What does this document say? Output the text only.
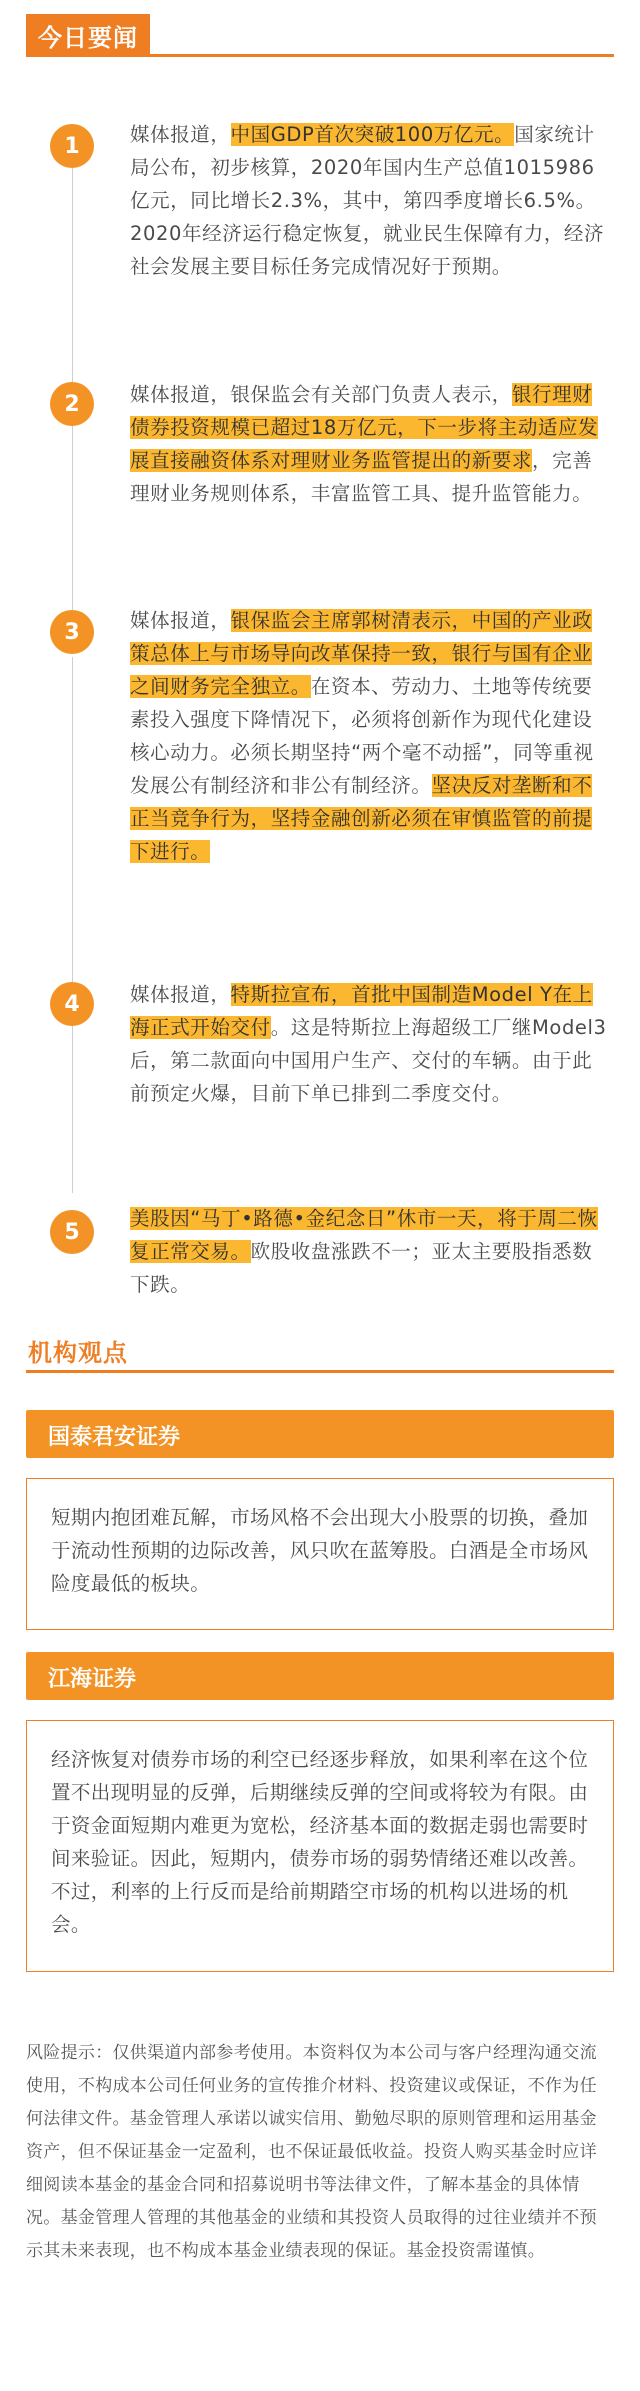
今日要闻
1	媒体报道，中国GDP首次突破100万亿元。国家统计局公布，初步核算，2020年国内生产总值1015986亿元，同比增长2.3%，其中，第四季度增长6.5%。2020年经济运行稳定恢复，就业民生保障有力，经济社会发展主要目标任务完成情况好于预期。
2	媒体报道，银保监会有关部门负责人表示，银行理财债券投资规模已超过18万亿元，下一步将主动适应发展直接融资体系对理财业务监管提出的新要求，完善理财业务规则体系，丰富监管工具、提升监管能力。
3	媒体报道，银保监会主席郭树清表示，中国的产业政策总体上与市场导向改革保持一致，银行与国有企业之间财务完全独立。在资本、劳动力、土地等传统要素投入强度下降情况下，必须将创新作为现代化建设核心动力。必须长期坚持“两个毫不动摇”，同等重视发展公有制经济和非公有制经济。坚决反对垄断和不正当竞争行为，坚持金融创新必须在审慎监管的前提下进行。
4	媒体报道，特斯拉宣布，首批中国制造Model Y在上海正式开始交付。这是特斯拉上海超级工厂继Model3后，第二款面向中国用户生产、交付的车辆。由于此前预定火爆，目前下单已排到二季度交付。
5
美股因“马丁•路德•金纪念日”休市一天，将于周二恢复正常交易。欧股收盘涨跌不一；亚太主要股指悉数下跌。
机构观点
国泰君安证券
短期内抱团难瓦解，市场风格不会出现大小股票的切换，叠加于流动性预期的边际改善，风只吹在蓝筹股。白酒是全市场风险度最低的板块。
江海证券
经济恢复对债券市场的利空已经逐步释放，如果利率在这个位置不出现明显的反弹，后期继续反弹的空间或将较为有限。由于资金面短期内难更为宽松，经济基本面的数据走弱也需要时间来验证。因此，短期内，债券市场的弱势情绪还难以改善。不过，利率的上行反而是给前期踏空市场的机构以进场的机会。
风险提示：仅供渠道内部参考使用。本资料仅为本公司与客户经理沟通交流使用，不构成本公司任何业务的宣传推介材料、投资建议或保证，不作为任何法律文件。基金管理人承诺以诚实信用、勤勉尽职的原则管理和运用基金资产，但不保证基金一定盈利，也不保证最低收益。投资人购买基金时应详细阅读本基金的基金合同和招募说明书等法律文件，了解本基金的具体情况。基金管理人管理的其他基金的业绩和其投资人员取得的过往业绩并不预示其未来表现，也不构成本基金业绩表现的保证。基金投资需谨慎。
